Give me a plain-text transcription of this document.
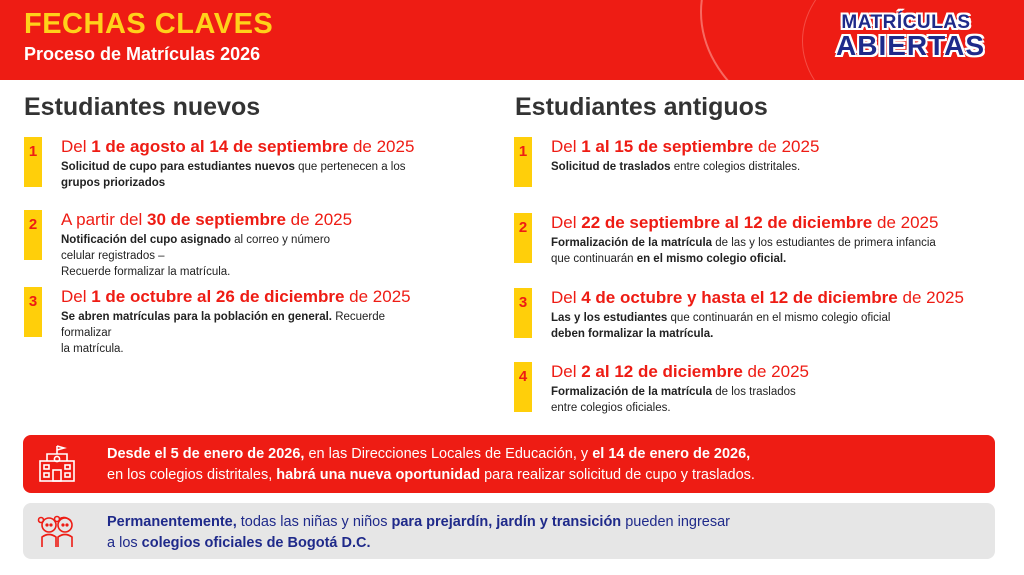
FECHAS CLAVES
Proceso de Matrículas 2026
MATRÍCULAS
ABIERTAS
Estudiantes nuevos	Estudiantes antiguos
1 Del 1 de agosto al 14 de septiembre de 2025
Solicitud de cupo para estudiantes nuevos que pertenecen a los
grupos priorizados
2 A partir del 30 de septiembre de 2025
Notificación del cupo asignado al correo y número celular registrados –
Recuerde formalizar la matrícula.
3 Del 1 de octubre al 26 de diciembre de 2025
Se abren matrículas para la población en general. Recuerde formalizar
la matrícula.
1 Del 1 al 15 de septiembre de 2025
Solicitud de traslados entre colegios distritales.
2 Del 22 de septiembre al 12 de diciembre de 2025
Formalización de la matrícula de las y los estudiantes de primera infancia
que continuarán en el mismo colegio oficial.
3 Del 4 de octubre y hasta el 12 de diciembre de 2025
Las y los estudiantes que continuarán en el mismo colegio oficial
deben formalizar la matrícula.
4 Del 2 al 12 de diciembre de 2025
Formalización de la matrícula de los traslados
entre colegios oficiales.
Desde el 5 de enero de 2026, en las Direcciones Locales de Educación, y el 14 de enero de 2026,
en los colegios distritales, habrá una nueva oportunidad para realizar solicitud de cupo y traslados.
Permanentemente, todas las niñas y niños para prejardín, jardín y transición pueden ingresar
a los colegios oficiales de Bogotá D.C.
